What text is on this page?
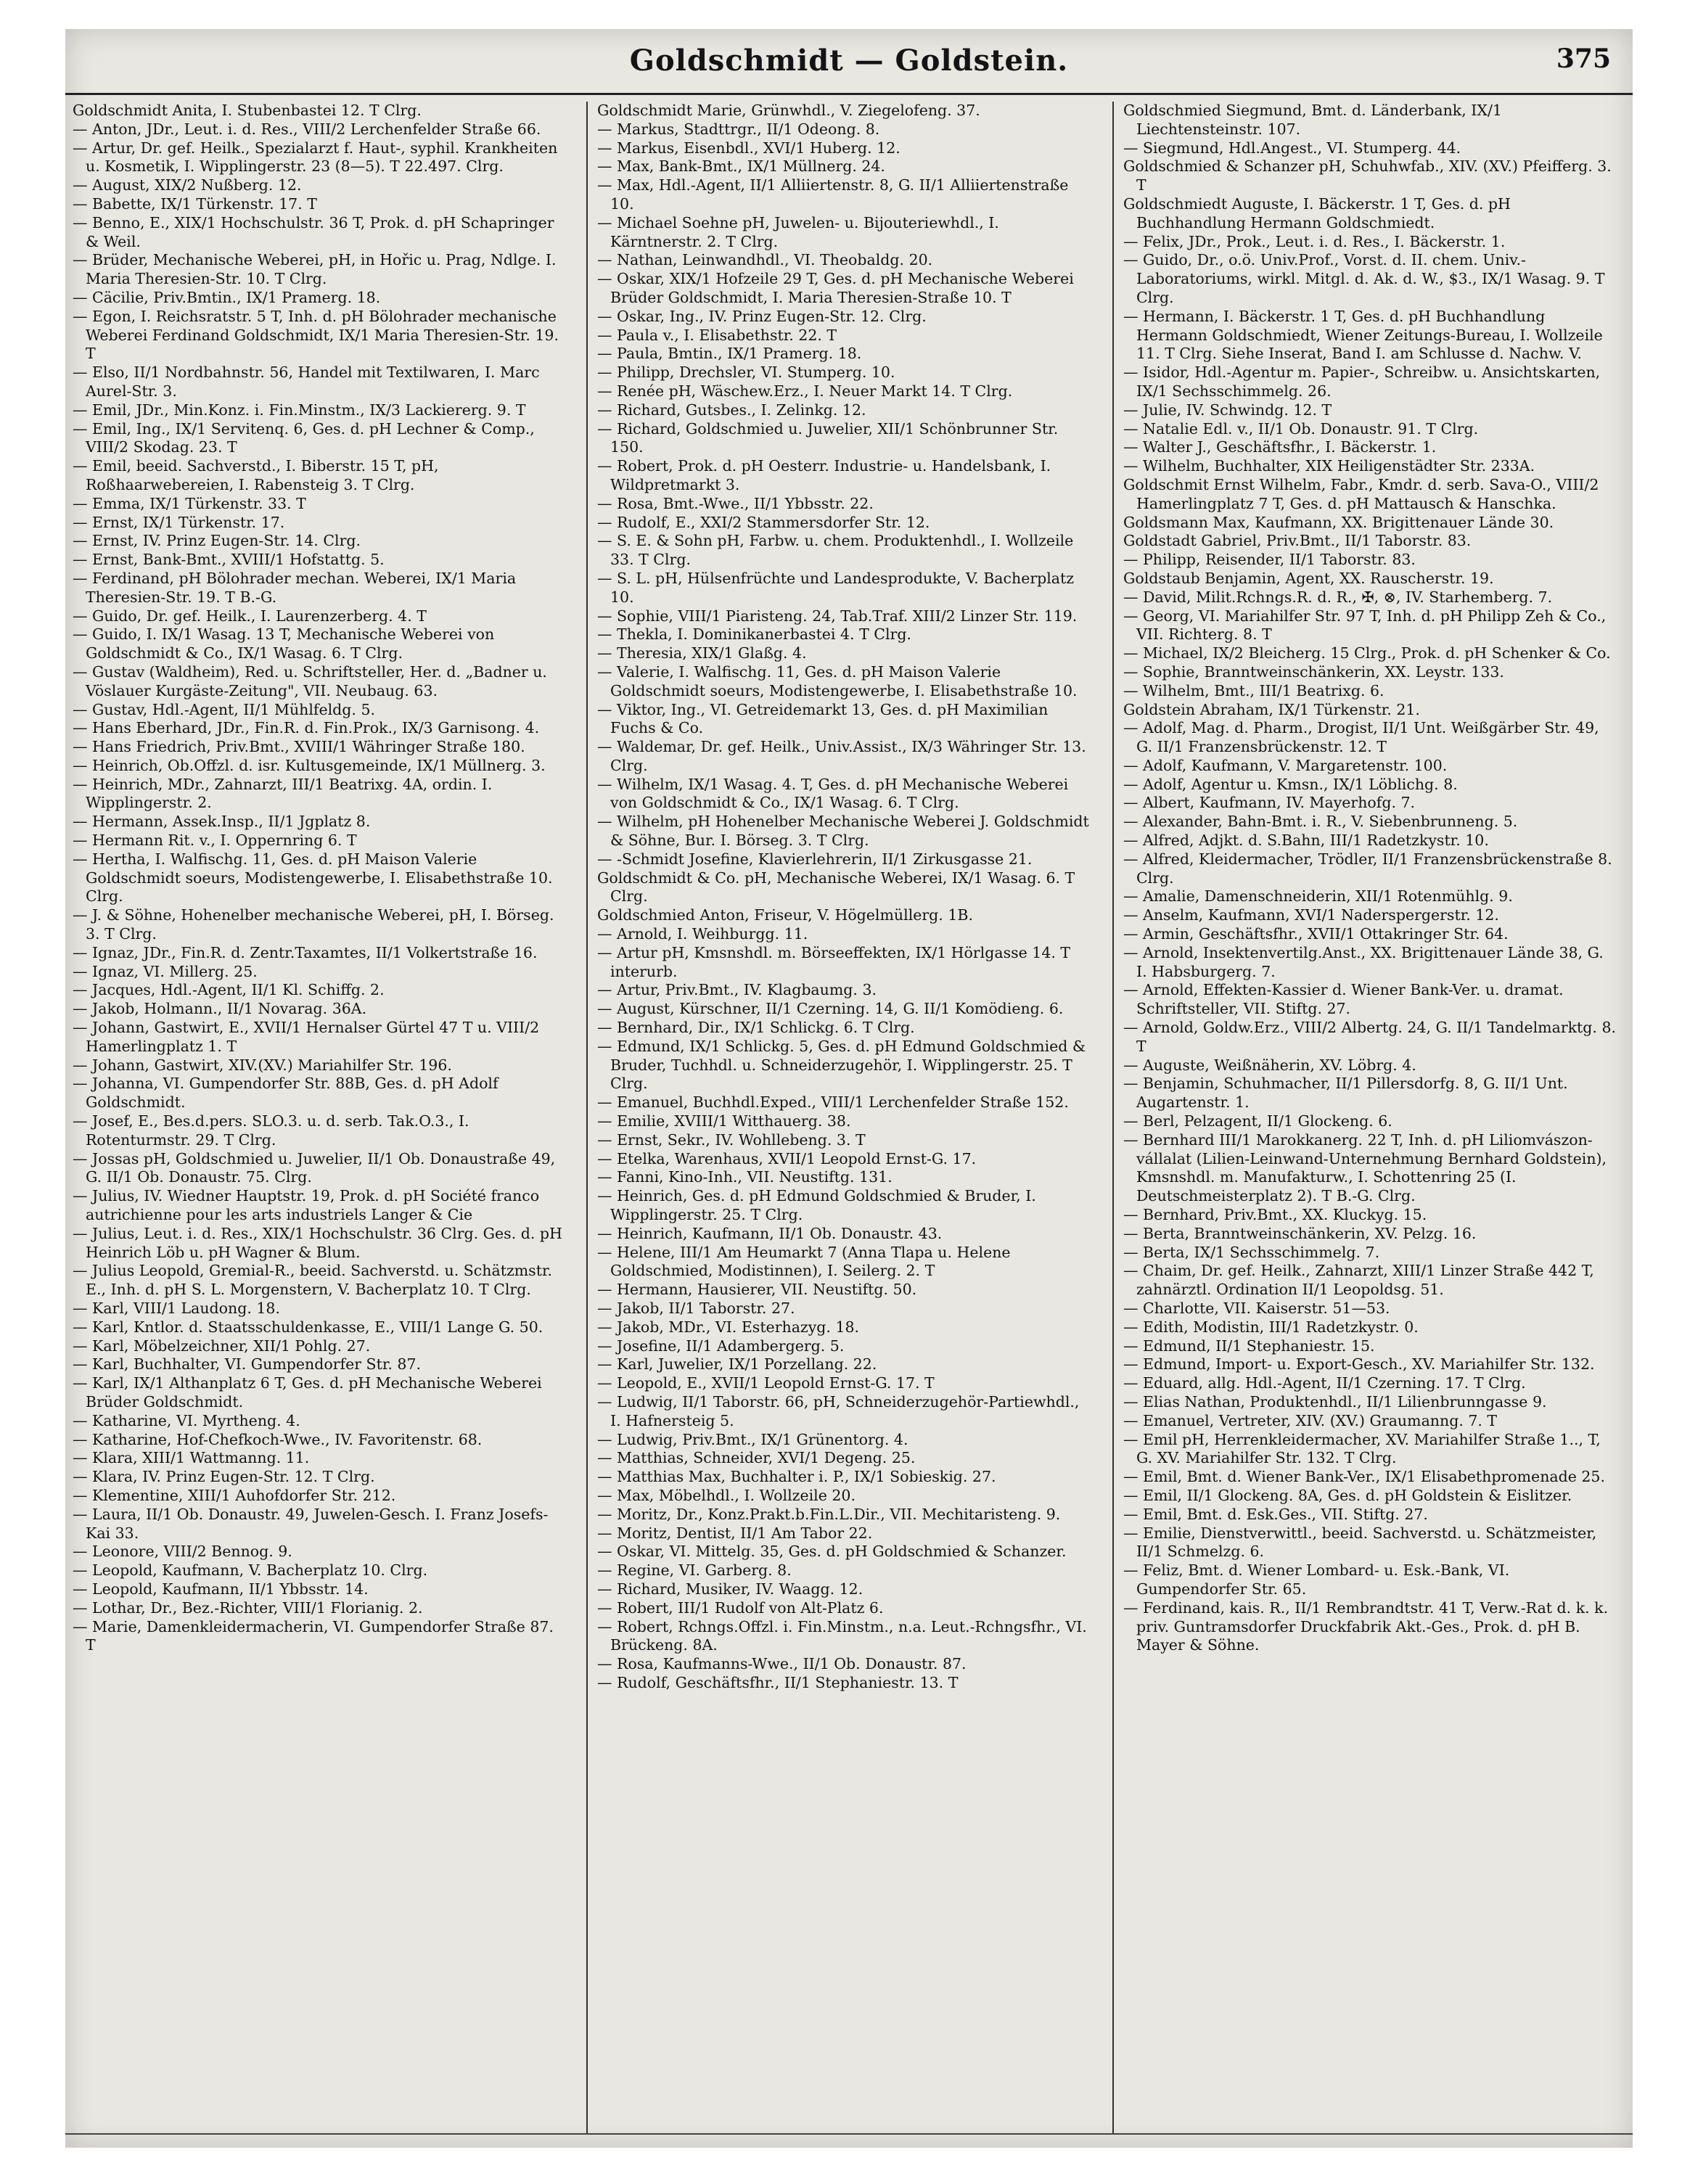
Goldschmidt — Goldstein.	375

Goldschmidt Anita, I. Stubenbastei 12. T Clrg.

— Anton, JDr., Leut. i. d. Res., VIII/2 Lerchenfelder Straße 66.

— Artur, Dr. gef. Heilk., Spezialarzt f. Haut-, syphil. Krankheiten u. Kosmetik, I. Wipplingerstr. 23 (8—5). T 22.497. Clrg.

— August, XIX/2 Nußberg. 12.

— Babette, IX/1 Türkenstr. 17. T

— Benno, E., XIX/1 Hochschulstr. 36 T, Prok. d. pH Schapringer & Weil.

— Brüder, Mechanische Weberei, pH, in Hořic u. Prag, Ndlge. I. Maria Theresien-Str. 10. T Clrg.

— Cäcilie, Priv.Bmtin., IX/1 Pramerg. 18.

— Egon, I. Reichsratstr. 5 T, Inh. d. pH Bölohrader mechanische Weberei Ferdinand Goldschmidt, IX/1 Maria Theresien-Str. 19. T

— Elso, II/1 Nordbahnstr. 56, Handel mit Textilwaren, I. Marc Aurel-Str. 3.

— Emil, JDr., Min.Konz. i. Fin.Minstm., IX/3 Lackiererg. 9. T

— Emil, Ing., IX/1 Servitenq. 6, Ges. d. pH Lechner & Comp., VIII/2 Skodag. 23. T

— Emil, beeid. Sachverstd., I. Biberstr. 15 T, pH, Roßhaarwebereien, I. Rabensteig 3. T Clrg.

— Emma, IX/1 Türkenstr. 33. T

— Ernst, IX/1 Türkenstr. 17.

— Ernst, IV. Prinz Eugen-Str. 14. Clrg.

— Ernst, Bank-Bmt., XVIII/1 Hofstattg. 5.

— Ferdinand, pH Bölohrader mechan. Weberei, IX/1 Maria Theresien-Str. 19. T B.-G.

— Guido, Dr. gef. Heilk., I. Laurenzerberg. 4. T

— Guido, I. IX/1 Wasag. 13 T, Mechanische Weberei von Goldschmidt & Co., IX/1 Wasag. 6. T Clrg.

— Gustav (Waldheim), Red. u. Schriftsteller, Her. d. „Badner u. Vöslauer Kurgäste-Zeitung", VII. Neubaug. 63.

— Gustav, Hdl.-Agent, II/1 Mühlfeldg. 5.

— Hans Eberhard, JDr., Fin.R. d. Fin.Prok., IX/3 Garnisong. 4.

— Hans Friedrich, Priv.Bmt., XVIII/1 Währinger Straße 180.

— Heinrich, Ob.Offzl. d. isr. Kultusgemeinde, IX/1 Müllnerg. 3.

— Heinrich, MDr., Zahnarzt, III/1 Beatrixg. 4A, ordin. I. Wipplingerstr. 2.

— Hermann, Assek.Insp., II/1 Jgplatz 8.

— Hermann Rit. v., I. Oppernring 6. T

— Hertha, I. Walfischg. 11, Ges. d. pH Maison Valerie Goldschmidt soeurs, Modistengewerbe, I. Elisabethstraße 10. Clrg.

— J. & Söhne, Hohenelber mechanische Weberei, pH, I. Börseg. 3. T Clrg.

— Ignaz, JDr., Fin.R. d. Zentr.Taxamtes, II/1 Volkertstraße 16.

— Ignaz, VI. Millerg. 25.

— Jacques, Hdl.-Agent, II/1 Kl. Schiffg. 2.

— Jakob, Holmann., II/1 Novarag. 36A.

— Johann, Gastwirt, E., XVII/1 Hernalser Gürtel 47 T u. VIII/2 Hamerlingplatz 1. T

— Johann, Gastwirt, XIV.(XV.) Mariahilfer Str. 196.

— Johanna, VI. Gumpendorfer Str. 88B, Ges. d. pH Adolf Goldschmidt.

— Josef, E., Bes.d.pers. SLO.3. u. d. serb. Tak.O.3., I. Rotenturmstr. 29. T Clrg.

— Jossas pH, Goldschmied u. Juwelier, II/1 Ob. Donaustraße 49, G. II/1 Ob. Donaustr. 75. Clrg.

— Julius, IV. Wiedner Hauptstr. 19, Prok. d. pH Société franco autrichienne pour les arts industriels Langer & Cie

— Julius, Leut. i. d. Res., XIX/1 Hochschulstr. 36 Clrg. Ges. d. pH Heinrich Löb u. pH Wagner & Blum.

— Julius Leopold, Gremial-R., beeid. Sachverstd. u. Schätzmstr. E., Inh. d. pH S. L. Morgenstern, V. Bacherplatz 10. T Clrg.

— Karl, VIII/1 Laudong. 18.

— Karl, Kntlor. d. Staatsschuldenkasse, E., VIII/1 Lange G. 50.

— Karl, Möbelzeichner, XII/1 Pohlg. 27.

— Karl, Buchhalter, VI. Gumpendorfer Str. 87.

— Karl, IX/1 Althanplatz 6 T, Ges. d. pH Mechanische Weberei Brüder Goldschmidt.

— Katharine, VI. Myrtheng. 4.

— Katharine, Hof-Chefkoch-Wwe., IV. Favoritenstr. 68.

— Klara, XIII/1 Wattmanng. 11.

— Klara, IV. Prinz Eugen-Str. 12. T Clrg.

— Klementine, XIII/1 Auhofdorfer Str. 212.

— Laura, II/1 Ob. Donaustr. 49, Juwelen-Gesch. I. Franz Josefs-Kai 33.

— Leonore, VIII/2 Bennog. 9.

— Leopold, Kaufmann, V. Bacherplatz 10. Clrg.

— Leopold, Kaufmann, II/1 Ybbsstr. 14.

— Lothar, Dr., Bez.-Richter, VIII/1 Florianig. 2.

— Marie, Damenkleidermacherin, VI. Gumpendorfer Straße 87. T

Goldschmidt Marie, Grünwhdl., V. Ziegelofeng. 37.

— Markus, Stadttrgr., II/1 Odeong. 8.

— Markus, Eisenbdl., XVI/1 Huberg. 12.

— Max, Bank-Bmt., IX/1 Müllnerg. 24.

— Max, Hdl.-Agent, II/1 Alliiertenstr. 8, G. II/1 Alliiertenstraße 10.

— Michael Soehne pH, Juwelen- u. Bijouteriewhdl., I. Kärntnerstr. 2. T Clrg.

— Nathan, Leinwandhdl., VI. Theobaldg. 20.

— Oskar, XIX/1 Hofzeile 29 T, Ges. d. pH Mechanische Weberei Brüder Goldschmidt, I. Maria Theresien-Straße 10. T

— Oskar, Ing., IV. Prinz Eugen-Str. 12. Clrg.

— Paula v., I. Elisabethstr. 22. T

— Paula, Bmtin., IX/1 Pramerg. 18.

— Philipp, Drechsler, VI. Stumperg. 10.

— Renée pH, Wäschew.Erz., I. Neuer Markt 14. T Clrg.

— Richard, Gutsbes., I. Zelinkg. 12.

— Richard, Goldschmied u. Juwelier, XII/1 Schönbrunner Str. 150.

— Robert, Prok. d. pH Oesterr. Industrie- u. Handelsbank, I. Wildpretmarkt 3.

— Rosa, Bmt.-Wwe., II/1 Ybbsstr. 22.

— Rudolf, E., XXI/2 Stammersdorfer Str. 12.

— S. E. & Sohn pH, Farbw. u. chem. Produktenhdl., I. Wollzeile 33. T Clrg.

— S. L. pH, Hülsenfrüchte und Landesprodukte, V. Bacherplatz 10.

— Sophie, VIII/1 Piaristeng. 24, Tab.Traf. XIII/2 Linzer Str. 119.

— Thekla, I. Dominikanerbastei 4. T Clrg.

— Theresia, XIX/1 Glaßg. 4.

— Valerie, I. Walfischg. 11, Ges. d. pH Maison Valerie Goldschmidt soeurs, Modistengewerbe, I. Elisabethstraße 10.

— Viktor, Ing., VI. Getreidemarkt 13, Ges. d. pH Maximilian Fuchs & Co.

— Waldemar, Dr. gef. Heilk., Univ.Assist., IX/3 Währinger Str. 13. Clrg.

— Wilhelm, IX/1 Wasag. 4. T, Ges. d. pH Mechanische Weberei von Goldschmidt & Co., IX/1 Wasag. 6. T Clrg.

— Wilhelm, pH Hohenelber Mechanische Weberei J. Goldschmidt & Söhne, Bur. I. Börseg. 3. T Clrg.

— -Schmidt Josefine, Klavierlehrerin, II/1 Zirkusgasse 21.

Goldschmidt & Co. pH, Mechanische Weberei, IX/1 Wasag. 6. T Clrg.

Goldschmied Anton, Friseur, V. Högelmüllerg. 1B.

— Arnold, I. Weihburgg. 11.

— Artur pH, Kmsnshdl. m. Börseeffekten, IX/1 Hörlgasse 14. T interurb.

— Artur, Priv.Bmt., IV. Klagbaumg. 3.

— August, Kürschner, II/1 Czerning. 14, G. II/1 Komödieng. 6.

— Bernhard, Dir., IX/1 Schlickg. 6. T Clrg.

— Edmund, IX/1 Schlickg. 5, Ges. d. pH Edmund Goldschmied & Bruder, Tuchhdl. u. Schneiderzugehör, I. Wipplingerstr. 25. T Clrg.

— Emanuel, Buchhdl.Exped., VIII/1 Lerchenfelder Straße 152.

— Emilie, XVIII/1 Witthauerg. 38.

— Ernst, Sekr., IV. Wohllebeng. 3. T

— Etelka, Warenhaus, XVII/1 Leopold Ernst-G. 17.

— Fanni, Kino-Inh., VII. Neustiftg. 131.

— Heinrich, Ges. d. pH Edmund Goldschmied & Bruder, I. Wipplingerstr. 25. T Clrg.

— Heinrich, Kaufmann, II/1 Ob. Donaustr. 43.

— Helene, III/1 Am Heumarkt 7 (Anna Tlapa u. Helene Goldschmied, Modistinnen), I. Seilerg. 2. T

— Hermann, Hausierer, VII. Neustiftg. 50.

— Jakob, II/1 Taborstr. 27.

— Jakob, MDr., VI. Esterhazyg. 18.

— Josefine, II/1 Adambergerg. 5.

— Karl, Juwelier, IX/1 Porzellang. 22.

— Leopold, E., XVII/1 Leopold Ernst-G. 17. T

— Ludwig, II/1 Taborstr. 66, pH, Schneiderzugehör-Partiewhdl., I. Hafnersteig 5.

— Ludwig, Priv.Bmt., IX/1 Grünentorg. 4.

— Matthias, Schneider, XVI/1 Degeng. 25.

— Matthias Max, Buchhalter i. P., IX/1 Sobieskig. 27.

— Max, Möbelhdl., I. Wollzeile 20.

— Moritz, Dr., Konz.Prakt.b.Fin.L.Dir., VII. Mechitaristeng. 9.

— Moritz, Dentist, II/1 Am Tabor 22.

— Oskar, VI. Mittelg. 35, Ges. d. pH Goldschmied & Schanzer.

— Regine, VI. Garberg. 8.

— Richard, Musiker, IV. Waagg. 12.

— Robert, III/1 Rudolf von Alt-Platz 6.

— Robert, Rchngs.Offzl. i. Fin.Minstm., n.a. Leut.-Rchngsfhr., VI. Brückeng. 8A.

— Rosa, Kaufmanns-Wwe., II/1 Ob. Donaustr. 87.

— Rudolf, Geschäftsfhr., II/1 Stephaniestr. 13. T

Goldschmied Siegmund, Bmt. d. Länderbank, IX/1 Liechtensteinstr. 107.

— Siegmund, Hdl.Angest., VI. Stumperg. 44.

Goldschmied & Schanzer pH, Schuhwfab., XIV. (XV.) Pfeifferg. 3. T

Goldschmiedt Auguste, I. Bäckerstr. 1 T, Ges. d. pH Buchhandlung Hermann Goldschmiedt.

— Felix, JDr., Prok., Leut. i. d. Res., I. Bäckerstr. 1.

— Guido, Dr., o.ö. Univ.Prof., Vorst. d. II. chem. Univ.-Laboratoriums, wirkl. Mitgl. d. Ak. d. W., $3., IX/1 Wasag. 9. T Clrg.

— Hermann, I. Bäckerstr. 1 T, Ges. d. pH Buchhandlung Hermann Goldschmiedt, Wiener Zeitungs-Bureau, I. Wollzeile 11. T Clrg. Siehe Inserat, Band I. am Schlusse d. Nachw. V.

— Isidor, Hdl.-Agentur m. Papier-, Schreibw. u. Ansichtskarten, IX/1 Sechsschimmelg. 26.

— Julie, IV. Schwindg. 12. T

— Natalie Edl. v., II/1 Ob. Donaustr. 91. T Clrg.

— Walter J., Geschäftsfhr., I. Bäckerstr. 1.

— Wilhelm, Buchhalter, XIX Heiligenstädter Str. 233A.

Goldschmit Ernst Wilhelm, Fabr., Kmdr. d. serb. Sava-O., VIII/2 Hamerlingplatz 7 T, Ges. d. pH Mattausch & Hanschka.

Goldsmann Max, Kaufmann, XX. Brigittenauer Lände 30.

Goldstadt Gabriel, Priv.Bmt., II/1 Taborstr. 83.

— Philipp, Reisender, II/1 Taborstr. 83.

Goldstaub Benjamin, Agent, XX. Rauscherstr. 19.

— David, Milit.Rchngs.R. d. R., ✠, ⊗, IV. Starhemberg. 7.

— Georg, VI. Mariahilfer Str. 97 T, Inh. d. pH Philipp Zeh & Co., VII. Richterg. 8. T

— Michael, IX/2 Bleicherg. 15 Clrg., Prok. d. pH Schenker & Co.

— Sophie, Branntweinschänkerin, XX. Leystr. 133.

— Wilhelm, Bmt., III/1 Beatrixg. 6.

Goldstein Abraham, IX/1 Türkenstr. 21.

— Adolf, Mag. d. Pharm., Drogist, II/1 Unt. Weißgärber Str. 49, G. II/1 Franzensbrückenstr. 12. T

— Adolf, Kaufmann, V. Margaretenstr. 100.

— Adolf, Agentur u. Kmsn., IX/1 Löblichg. 8.

— Albert, Kaufmann, IV. Mayerhofg. 7.

— Alexander, Bahn-Bmt. i. R., V. Siebenbrunneng. 5.

— Alfred, Adjkt. d. S.Bahn, III/1 Radetzkystr. 10.

— Alfred, Kleidermacher, Trödler, II/1 Franzensbrückenstraße 8. Clrg.

— Amalie, Damenschneiderin, XII/1 Rotenmühlg. 9.

— Anselm, Kaufmann, XVI/1 Naderspergerstr. 12.

— Armin, Geschäftsfhr., XVII/1 Ottakringer Str. 64.

— Arnold, Insektenvertilg.Anst., XX. Brigittenauer Lände 38, G. I. Habsburgerg. 7.

— Arnold, Effekten-Kassier d. Wiener Bank-Ver. u. dramat. Schriftsteller, VII. Stiftg. 27.

— Arnold, Goldw.Erz., VIII/2 Albertg. 24, G. II/1 Tandelmarktg. 8. T

— Auguste, Weißnäherin, XV. Löbrg. 4.

— Benjamin, Schuhmacher, II/1 Pillersdorfg. 8, G. II/1 Unt. Augartenstr. 1.

— Berl, Pelzagent, II/1 Glockeng. 6.

— Bernhard III/1 Marokkanerg. 22 T, Inh. d. pH Liliomvászon-vállalat (Lilien-Leinwand-Unternehmung Bernhard Goldstein), Kmsnshdl. m. Manufakturw., I. Schottenring 25 (I. Deutschmeisterplatz 2). T B.-G. Clrg.

— Bernhard, Priv.Bmt., XX. Kluckyg. 15.

— Berta, Branntweinschänkerin, XV. Pelzg. 16.

— Berta, IX/1 Sechsschimmelg. 7.

— Chaim, Dr. gef. Heilk., Zahnarzt, XIII/1 Linzer Straße 442 T, zahnärztl. Ordination II/1 Leopoldsg. 51.

— Charlotte, VII. Kaiserstr. 51—53.

— Edith, Modistin, III/1 Radetzkystr. 0.

— Edmund, II/1 Stephaniestr. 15.

— Edmund, Import- u. Export-Gesch., XV. Mariahilfer Str. 132.

— Eduard, allg. Hdl.-Agent, II/1 Czerning. 17. T Clrg.

— Elias Nathan, Produktenhdl., II/1 Lilienbrunngasse 9.

— Emanuel, Vertreter, XIV. (XV.) Graumanng. 7. T

— Emil pH, Herrenkleidermacher, XV. Mariahilfer Straße 1.., T, G. XV. Mariahilfer Str. 132. T Clrg.

— Emil, Bmt. d. Wiener Bank-Ver., IX/1 Elisabethpromenade 25.

— Emil, II/1 Glockeng. 8A, Ges. d. pH Goldstein & Eislitzer.

— Emil, Bmt. d. Esk.Ges., VII. Stiftg. 27.

— Emilie, Dienstverwittl., beeid. Sachverstd. u. Schätzmeister, II/1 Schmelzg. 6.

— Feliz, Bmt. d. Wiener Lombard- u. Esk.-Bank, VI. Gumpendorfer Str. 65.

— Ferdinand, kais. R., II/1 Rembrandtstr. 41 T, Verw.-Rat d. k. k. priv. Guntramsdorfer Druckfabrik Akt.-Ges., Prok. d. pH B. Mayer & Söhne.
